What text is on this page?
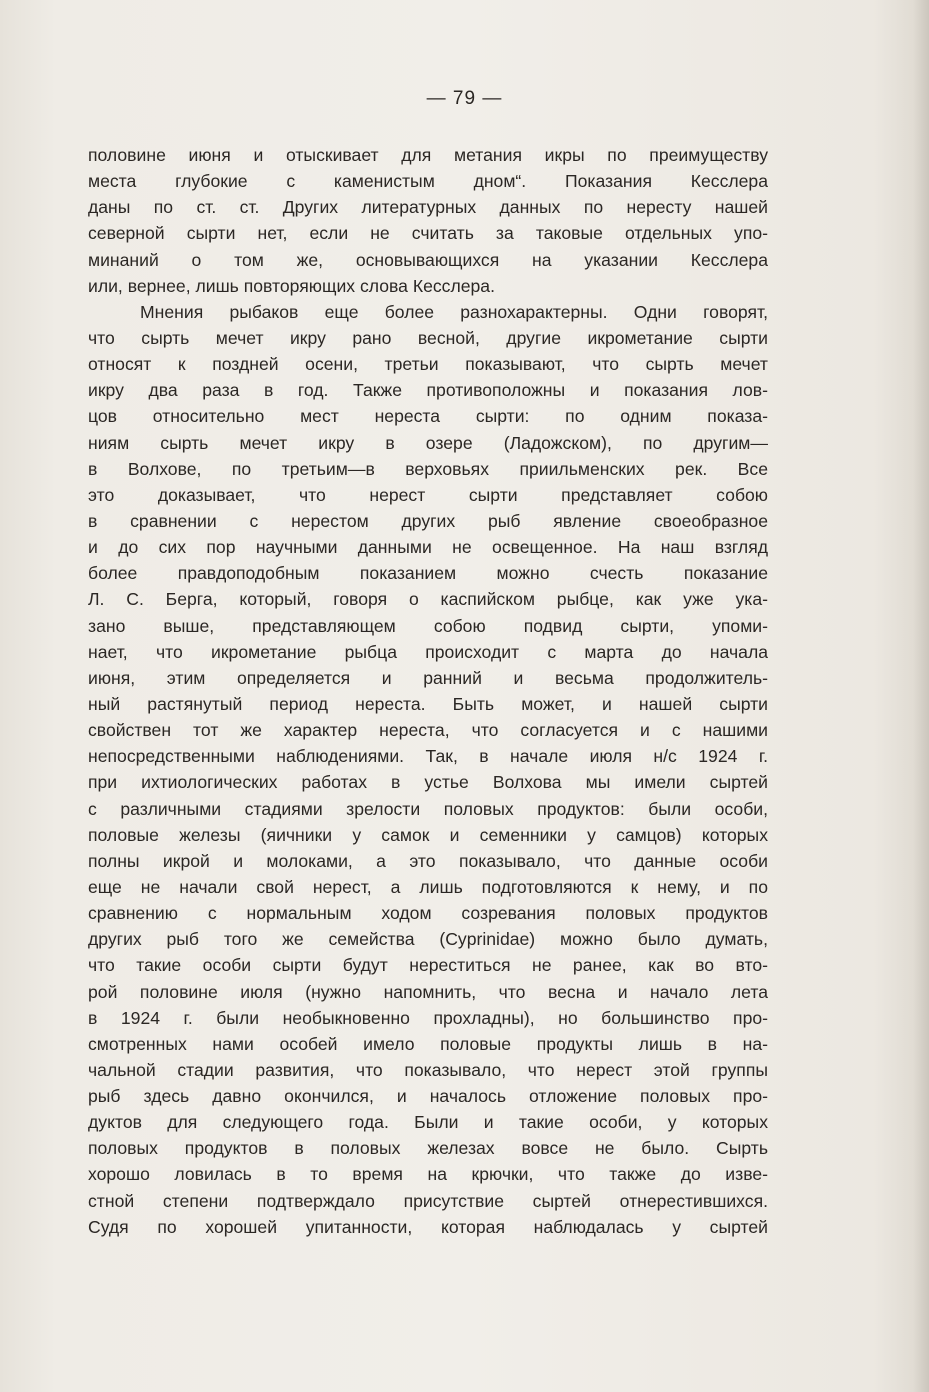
— 79 —
половине июня и отыскивает для метания икры по преимуществу
места глубокие с каменистым дном“. Показания Кесслера
даны по ст. ст. Других литературных данных по нересту нашей
северной сырти нет, если не считать за таковые отдельных упо-
минаний о том же, основывающихся на указании Кесслера
или, вернее, лишь повторяющих слова Кесслера.
Мнения рыбаков еще более разнохарактерны. Одни говорят,
что сырть мечет икру рано весной, другие икрометание сырти
относят к поздней осени, третьи показывают, что сырть мечет
икру два раза в год. Также противоположны и показания лов-
цов относительно мест нереста сырти: по одним показа-
ниям сырть мечет икру в озере (Ладожском), по другим—
в Волхове, по третьим—в верховьях приильменских рек. Все
это доказывает, что нерест сырти представляет собою
в сравнении с нерестом других рыб явление своеобразное
и до сих пор научными данными не освещенное. На наш взгляд
более правдоподобным показанием можно счесть показание
Л. С. Берга, который, говоря о каспийском рыбце, как уже ука-
зано выше, представляющем собою подвид сырти, упоми-
нает, что икрометание рыбца происходит с марта до начала
июня, этим определяется и ранний и весьма продолжитель-
ный растянутый период нереста. Быть может, и нашей сырти
свойствен тот же характер нереста, что согласуется и с нашими
непосредственными наблюдениями. Так, в начале июля н/с 1924 г.
при ихтиологических работах в устье Волхова мы имели сыртей
с различными стадиями зрелости половых продуктов: были особи,
половые железы (яичники у самок и семенники у самцов) которых
полны икрой и молоками, а это показывало, что данные особи
еще не начали свой нерест, а лишь подготовляются к нему, и по
сравнению с нормальным ходом созревания половых продуктов
других рыб того же семейства (Cyprinidae) можно было думать,
что такие особи сырти будут нереститься не ранее, как во вто-
рой половине июля (нужно напомнить, что весна и начало лета
в 1924 г. были необыкновенно прохладны), но большинство про-
смотренных нами особей имело половые продукты лишь в на-
чальной стадии развития, что показывало, что нерест этой группы
рыб здесь давно окончился, и началось отложение половых про-
дуктов для следующего года. Были и такие особи, у которых
половых продуктов в половых железах вовсе не было. Сырть
хорошо ловилась в то время на крючки, что также до изве-
стной степени подтверждало присутствие сыртей отнерестившихся.
Судя по хорошей упитанности, которая наблюдалась у сыртей
